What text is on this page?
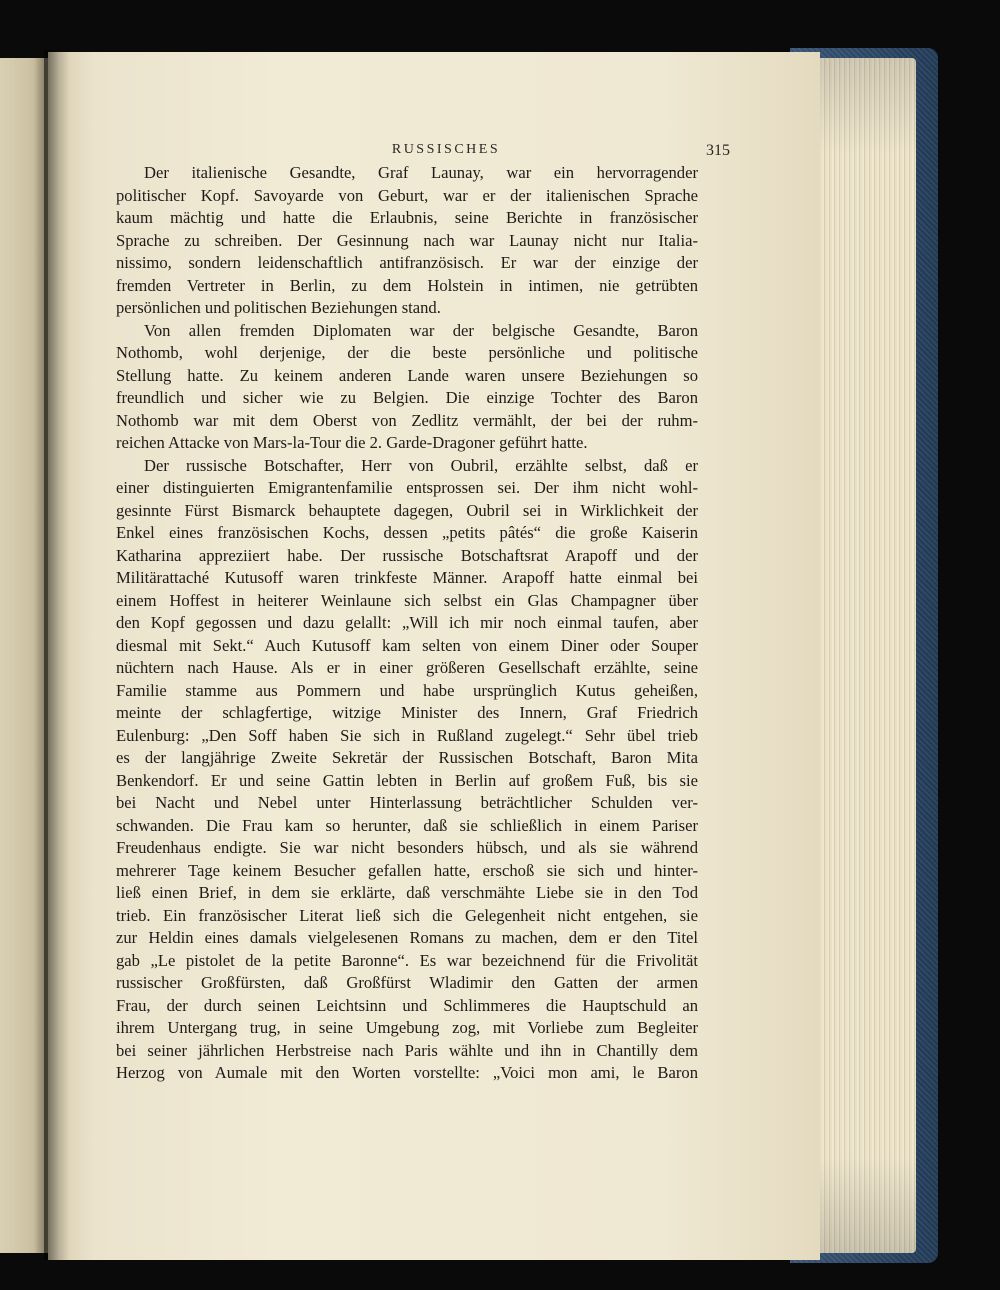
RUSSISCHES	315
Der italienische Gesandte, Graf Launay, war ein hervorragender
politischer Kopf. Savoyarde von Geburt, war er der italienischen Sprache
kaum mächtig und hatte die Erlaubnis, seine Berichte in französischer
Sprache zu schreiben. Der Gesinnung nach war Launay nicht nur Italia-
nissimo, sondern leidenschaftlich antifranzösisch. Er war der einzige der
fremden Vertreter in Berlin, zu dem Holstein in intimen, nie getrübten
persönlichen und politischen Beziehungen stand.
Von allen fremden Diplomaten war der belgische Gesandte, Baron
Nothomb, wohl derjenige, der die beste persönliche und politische
Stellung hatte. Zu keinem anderen Lande waren unsere Beziehungen so
freundlich und sicher wie zu Belgien. Die einzige Tochter des Baron
Nothomb war mit dem Oberst von Zedlitz vermählt, der bei der ruhm-
reichen Attacke von Mars-la-Tour die 2. Garde-Dragoner geführt hatte.
Der russische Botschafter, Herr von Oubril, erzählte selbst, daß er
einer distinguierten Emigrantenfamilie entsprossen sei. Der ihm nicht wohl-
gesinnte Fürst Bismarck behauptete dagegen, Oubril sei in Wirklichkeit der
Enkel eines französischen Kochs, dessen „petits pâtés“ die große Kaiserin
Katharina appreziiert habe. Der russische Botschaftsrat Arapoff und der
Militärattaché Kutusoff waren trinkfeste Männer. Arapoff hatte einmal bei
einem Hoffest in heiterer Weinlaune sich selbst ein Glas Champagner über
den Kopf gegossen und dazu gelallt: „Will ich mir noch einmal taufen, aber
diesmal mit Sekt.“ Auch Kutusoff kam selten von einem Diner oder Souper
nüchtern nach Hause. Als er in einer größeren Gesellschaft erzählte, seine
Familie stamme aus Pommern und habe ursprünglich Kutus geheißen,
meinte der schlagfertige, witzige Minister des Innern, Graf Friedrich
Eulenburg: „Den Soff haben Sie sich in Rußland zugelegt.“ Sehr übel trieb
es der langjährige Zweite Sekretär der Russischen Botschaft, Baron Mita
Benkendorf. Er und seine Gattin lebten in Berlin auf großem Fuß, bis sie
bei Nacht und Nebel unter Hinterlassung beträchtlicher Schulden ver-
schwanden. Die Frau kam so herunter, daß sie schließlich in einem Pariser
Freudenhaus endigte. Sie war nicht besonders hübsch, und als sie während
mehrerer Tage keinem Besucher gefallen hatte, erschoß sie sich und hinter-
ließ einen Brief, in dem sie erklärte, daß verschmähte Liebe sie in den Tod
trieb. Ein französischer Literat ließ sich die Gelegenheit nicht entgehen, sie
zur Heldin eines damals vielgelesenen Romans zu machen, dem er den Titel
gab „Le pistolet de la petite Baronne“. Es war bezeichnend für die Frivolität
russischer Großfürsten, daß Großfürst Wladimir den Gatten der armen
Frau, der durch seinen Leichtsinn und Schlimmeres die Hauptschuld an
ihrem Untergang trug, in seine Umgebung zog, mit Vorliebe zum Begleiter
bei seiner jährlichen Herbstreise nach Paris wählte und ihn in Chantilly dem
Herzog von Aumale mit den Worten vorstellte: „Voici mon ami, le Baron
